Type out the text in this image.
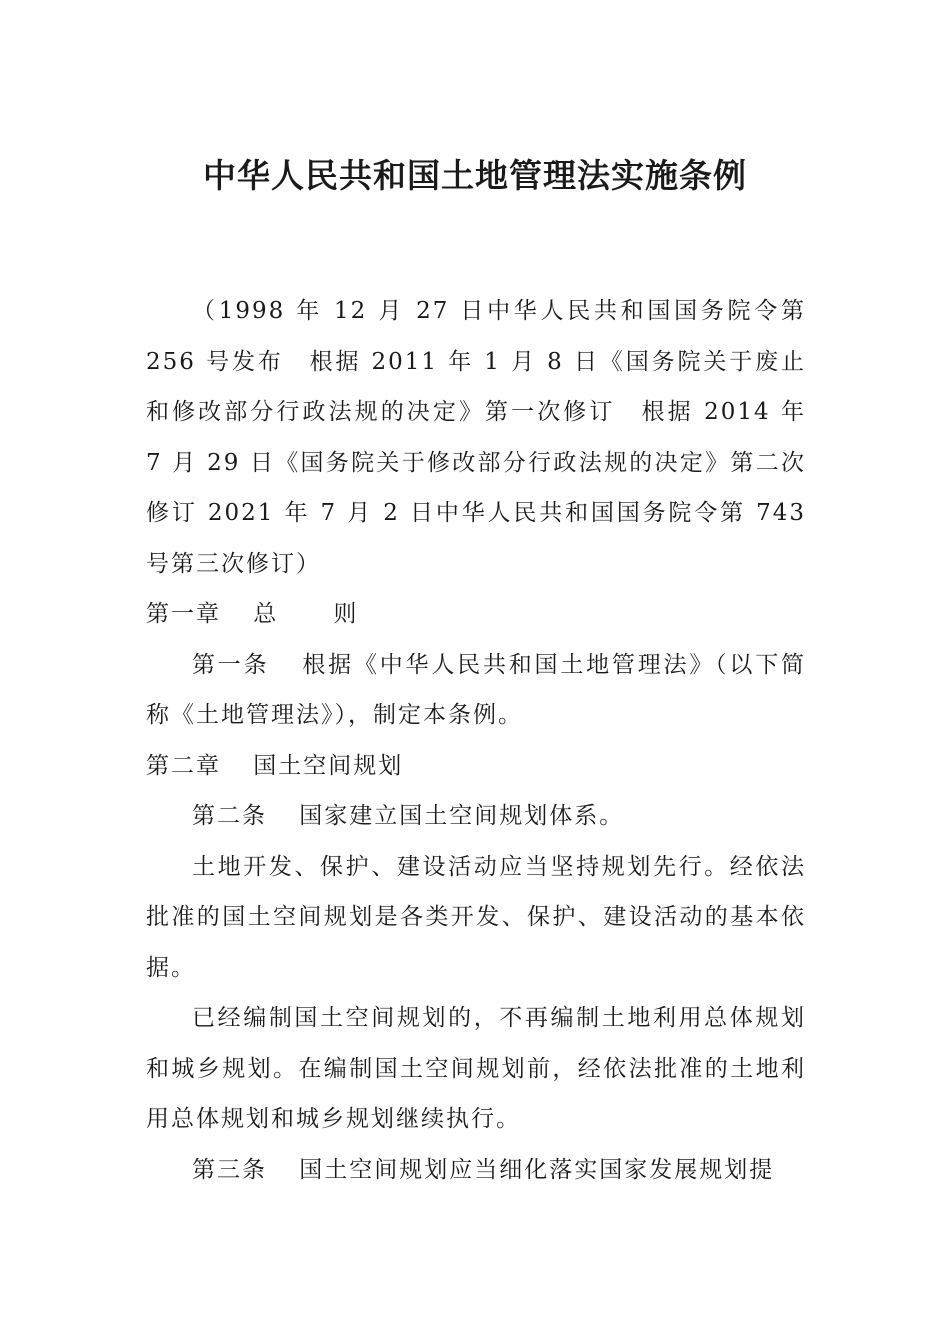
中华人民共和国土地管理法实施条例

（1998 年 12 月 27 日中华人民共和国国务院令第 256 号发布　根据 2011 年 1 月 8 日《国务院关于废止和修改部分行政法规的决定》第一次修订　根据 2014 年 7 月 29 日《国务院关于修改部分行政法规的决定》第二次修订 2021 年 7 月 2 日中华人民共和国国务院令第 743 号第三次修订）

第一章 总 则

第一条 根据《中华人民共和国土地管理法》（以下简称《土地管理法》），制定本条例。

第二章 国土空间规划

第二条 国家建立国土空间规划体系。

土地开发、保护、建设活动应当坚持规划先行。经依法批准的国土空间规划是各类开发、保护、建设活动的基本依据。

已经编制国土空间规划的，不再编制土地利用总体规划和城乡规划。在编制国土空间规划前，经依法批准的土地利用总体规划和城乡规划继续执行。

第三条 国土空间规划应当细化落实国家发展规划提
